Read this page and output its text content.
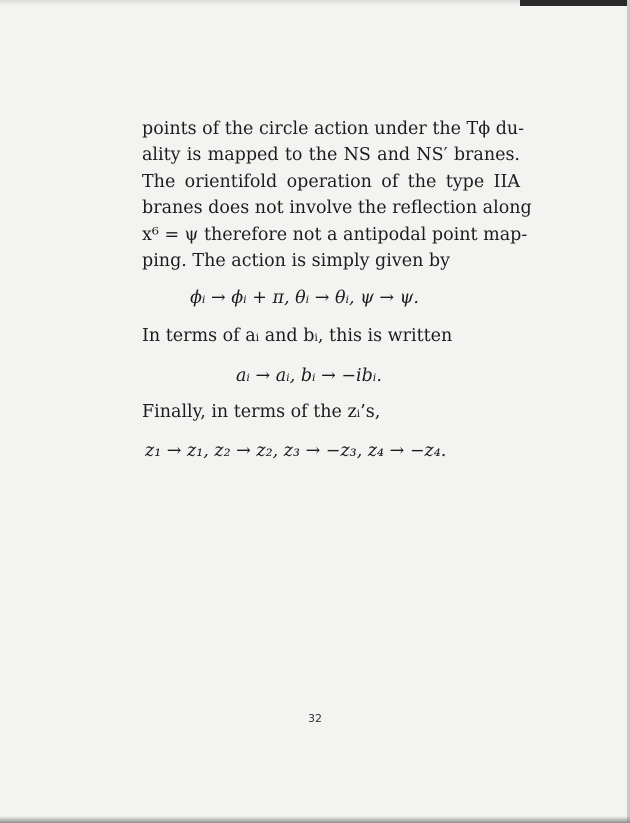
points of the circle action under the Tϕ du-
ality is mapped to the NS and NS′ branes.
The orientifold operation of the type IIA
branes does not involve the reflection along
x⁶ = ψ therefore not a antipodal point map-
ping. The action is simply given by

ϕᵢ → ϕᵢ + π, θᵢ → θᵢ, ψ → ψ.
In terms of aᵢ and bᵢ, this is written
aᵢ → aᵢ, bᵢ → −ibᵢ.
Finally, in terms of the zᵢ’s,
z₁ → z₁, z₂ → z₂, z₃ → −z₃, z₄ → −z₄.
32
